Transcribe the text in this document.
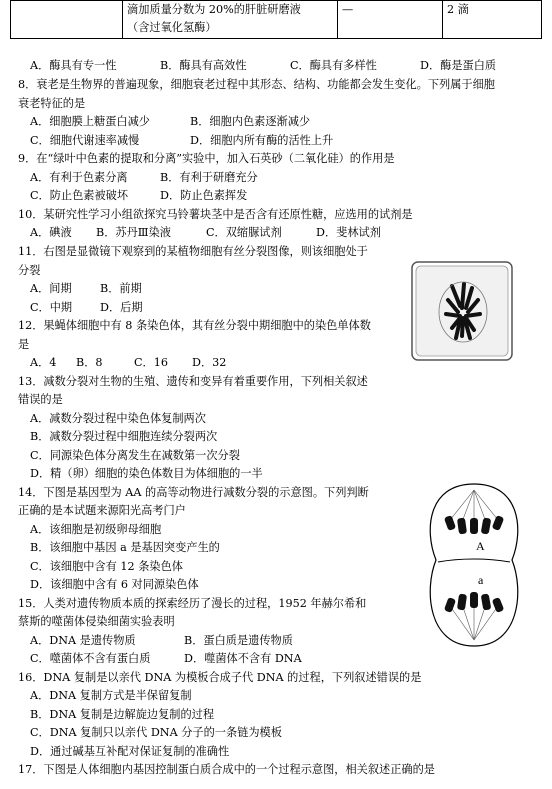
滴加质量分数为 20%的肝脏研磨液
（含过氧化氢酶）
	—	2 滴
A．酶具有专一性	B．酶具有高效性	C．酶具有多样性	D．酶是蛋白质
8．衰老是生物界的普遍现象，细胞衰老过程中其形态、结构、功能都会发生变化。下列属于细胞
衰老特征的是
A．细胞膜上糖蛋白减少	B．细胞内色素逐渐减少
C．细胞代谢速率减慢	D．细胞内所有酶的活性上升
9．在“绿叶中色素的提取和分离”实验中，加入石英砂（二氧化硅）的作用是
A．有利于色素分离	B．有利于研磨充分
C．防止色素被破坏	D．防止色素挥发
10．某研究性学习小组欲探究马铃薯块茎中是否含有还原性糖，应选用的试剂是
A．碘液 B．苏丹Ⅲ染液	C．双缩脲试剂	D．斐林试剂
11．右图是显微镜下观察到的某植物细胞有丝分裂图像，则该细胞处于
分裂
A．间期	B．前期
C．中期 D．后期
12．果蝇体细胞中有 8 条染色体，其有丝分裂中期细胞中的染色单体数
是
A．4 B．8	C．16 D．32
13．减数分裂对生物的生殖、遗传和变异有着重要作用，下列相关叙述
错误的是
A．减数分裂过程中染色体复制两次
B．减数分裂过程中细胞连续分裂两次
C．同源染色体分离发生在减数第一次分裂
D．精（卵）细胞的染色体数目为体细胞的一半
14．下图是基因型为 AA 的高等动物进行减数分裂的示意图。下列判断
正确的是本试题来源阳光高考门户
A．该细胞是初级卵母细胞
B．该细胞中基因 a 是基因突变产生的
C．该细胞中含有 12 条染色体
D．该细胞中含有 6 对同源染色体
A
a
15．人类对遗传物质本质的探索经历了漫长的过程，1952 年赫尔希和
蔡斯的噬菌体侵染细菌实验表明
A．DNA 是遗传物质	B．蛋白质是遗传物质
C．噬菌体不含有蛋白质	D．噬菌体不含有 DNA
16．DNA 复制是以亲代 DNA 为模板合成子代 DNA 的过程，下列叙述错误的是
A．DNA 复制方式是半保留复制
B．DNA 复制是边解旋边复制的过程
C．DNA 复制只以亲代 DNA 分子的一条链为模板
D．通过碱基互补配对保证复制的准确性
17．下图是人体细胞内基因控制蛋白质合成中的一个过程示意图，相关叙述正确的是
